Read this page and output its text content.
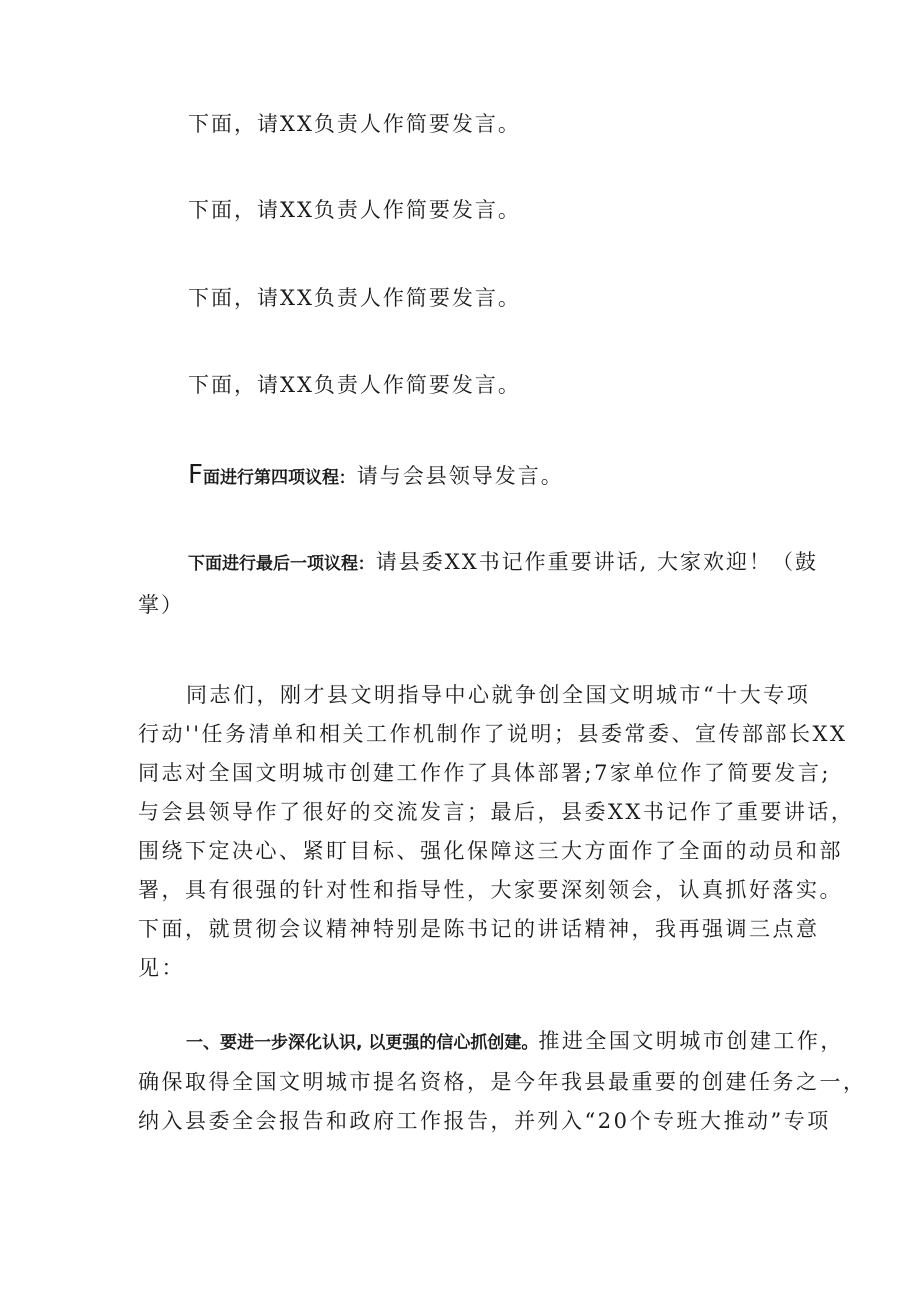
下面，请XX负责人作简要发言。
下面，请XX负责人作简要发言。
下面，请XX负责人作简要发言。
下面，请XX负责人作简要发言。
F面进行第四项议程: 请与会县领导发言。
下面进行最后一项议程: 请县委XX书记作重要讲话, 大家欢迎！（鼓
掌）
同志们，刚才县文明指导中心就争创全国文明城市“十大专项
行动''任务清单和相关工作机制作了说明；县委常委、宣传部部长XX
同志对全国文明城市创建工作作了具体部署;7家单位作了简要发言;
与会县领导作了很好的交流发言；最后，县委XX书记作了重要讲话，
围绕下定决心、紧盯目标、强化保障这三大方面作了全面的动员和部
署，具有很强的针对性和指导性，大家要深刻领会，认真抓好落实。
下面，就贯彻会议精神特别是陈书记的讲话精神，我再强调三点意
见：
一、要进一步深化认识, 以更强的信心抓创建。推进全国文明城市创建工作，
确保取得全国文明城市提名资格，是今年我县最重要的创建任务之一，
纳入县委全会报告和政府工作报告，并列入“20个专班大推动”专项
